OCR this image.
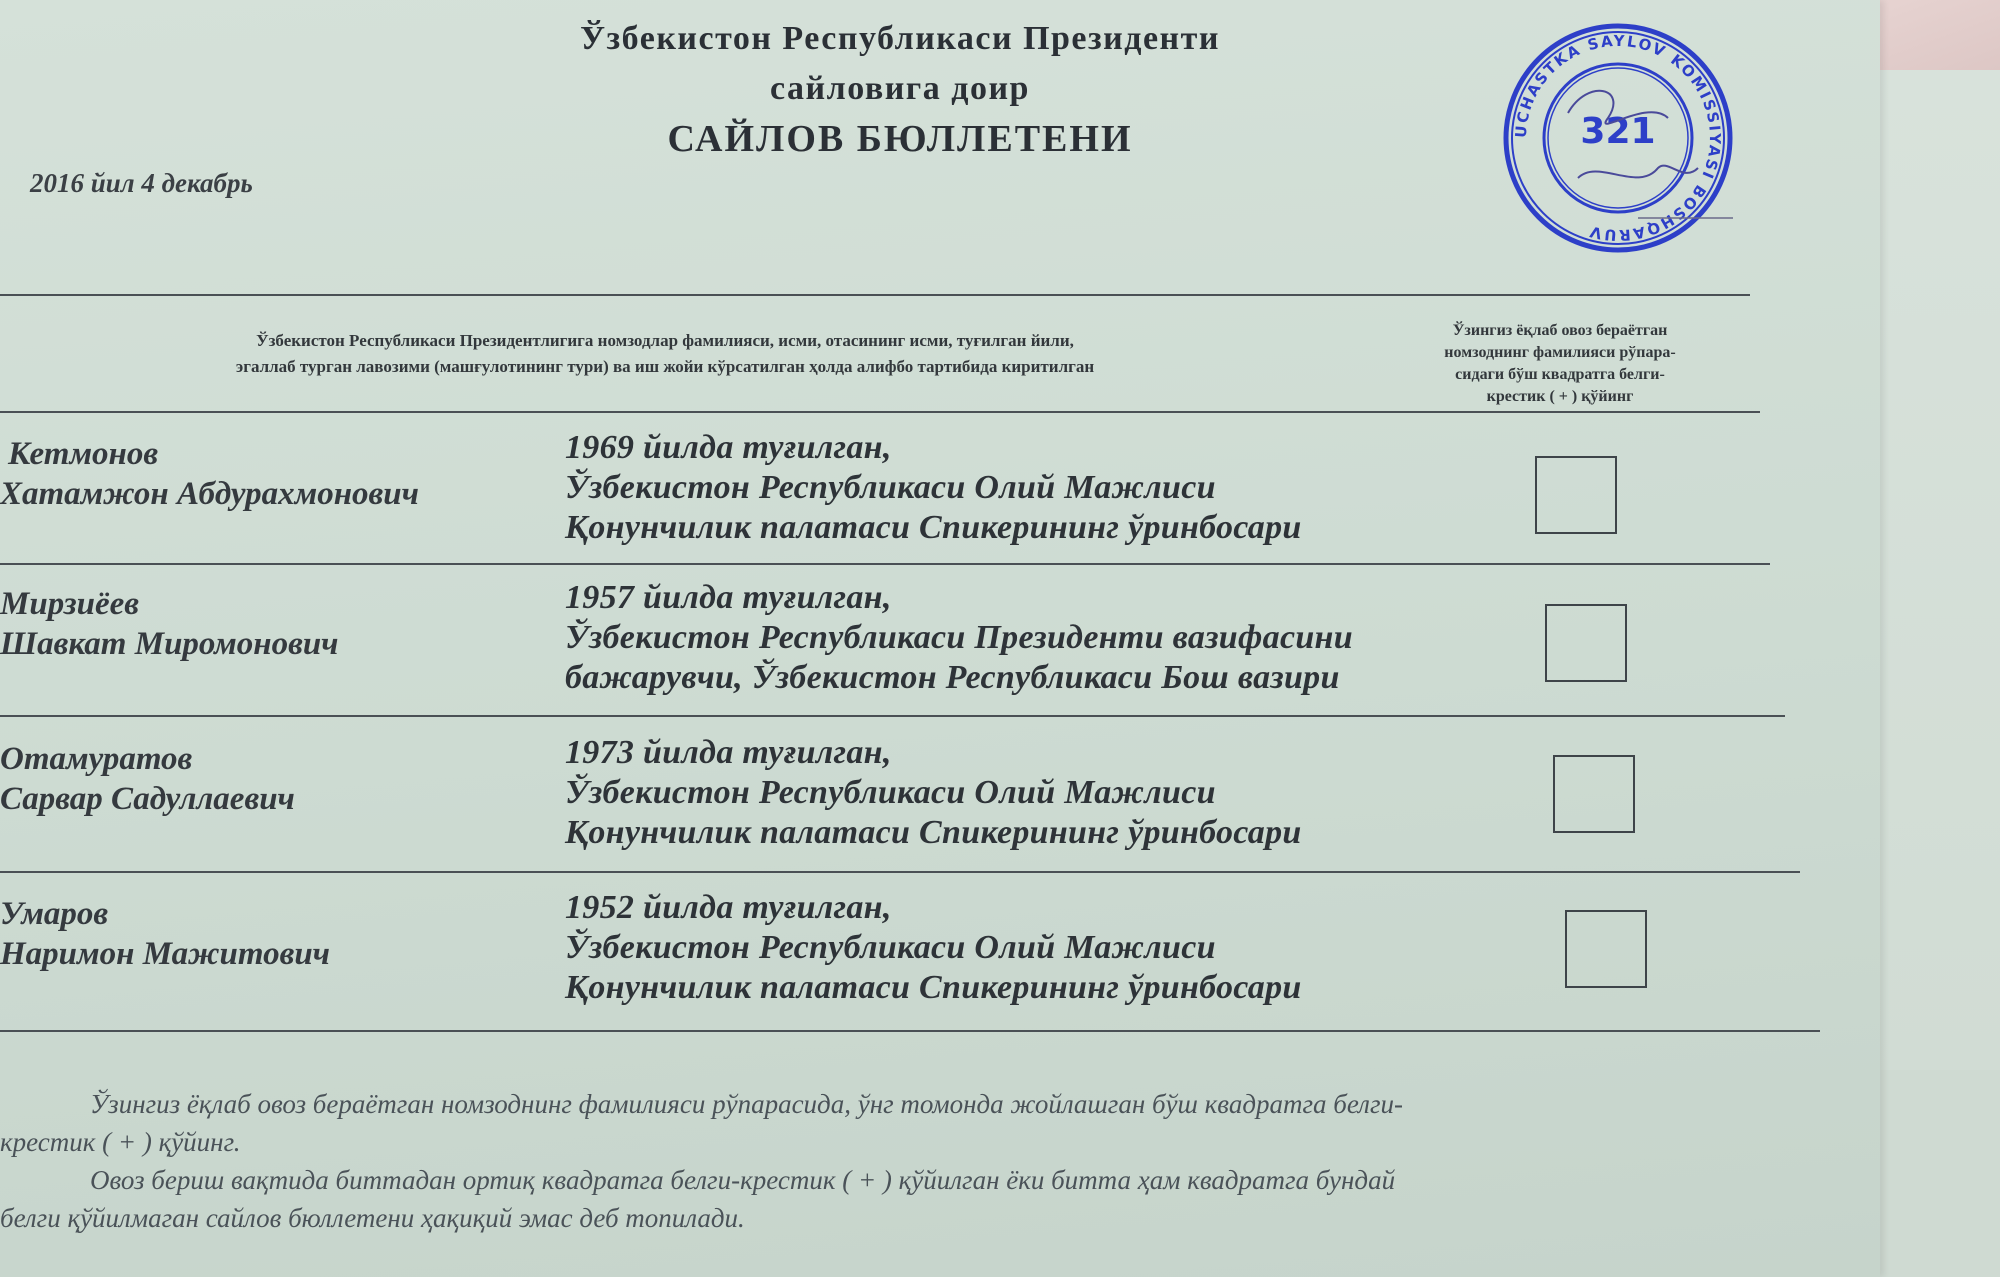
Ўзбекистон Республикаси Президенти
сайловига доир
САЙЛОВ БЮЛЛЕТЕНИ
2016 йил 4 декабрь
UCHASTKA SAYLOV KOMISSIYASI BOSHQARUV
321
Ўзбекистон Республикаси Президентлигига номзодлар фамилияси, исми, отасининг исми, туғилган йили,
эгаллаб турган лавозими (машғулотининг тури) ва иш жойи кўрсатилган ҳолда алифбо тартибида киритилган
Ўзингиз ёқлаб овоз бераётган
номзоднинг фамилияси рўпара-
сидаги бўш квадратга белги-
крестик ( + ) қўйинг
Кетмонов
Хатамжон Абдурахмонович
1969 йилда туғилган,
Ўзбекистон Республикаси Олий Мажлиси
Қонунчилик палатаси Спикерининг ўринбосари
Мирзиёев
Шавкат Миромонович
1957 йилда туғилган,
Ўзбекистон Республикаси Президенти вазифасини
бажарувчи, Ўзбекистон Республикаси Бош вазири
Отамуратов
Сарвар Садуллаевич
1973 йилда туғилган,
Ўзбекистон Республикаси Олий Мажлиси
Қонунчилик палатаси Спикерининг ўринбосари
Умаров
Наримон Мажитович
1952 йилда туғилган,
Ўзбекистон Республикаси Олий Мажлиси
Қонунчилик палатаси Спикерининг ўринбосари

Ўзингиз ёқлаб овоз бераётган номзоднинг фамилияси рўпарасида, ўнг томонда жойлашган бўш квадратга белги-

крестик ( + ) қўйинг.

Овоз бериш вақтида биттадан ортиқ квадратга белги-крестик ( + ) қўйилган ёки битта ҳам квадратга бундай

белги қўйилмаган сайлов бюллетени ҳақиқий эмас деб топилади.
